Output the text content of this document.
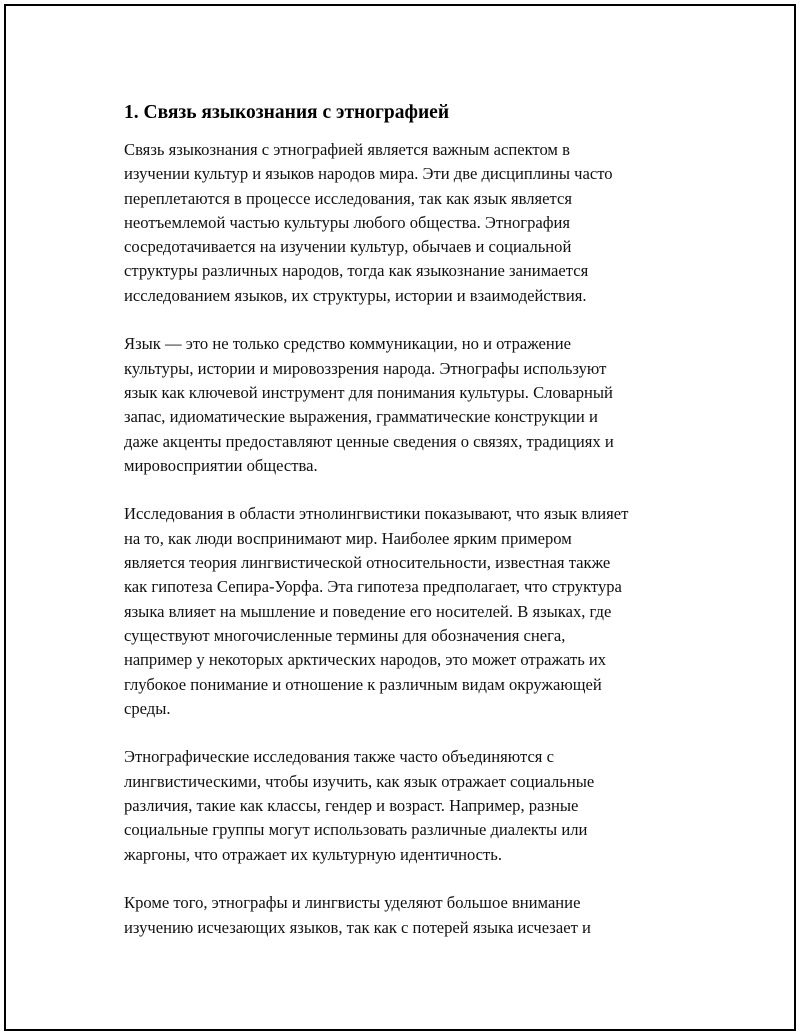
1. Связь языкознания с этнографией
Связь языкознания с этнографией является важным аспектом в
изучении культур и языков народов мира. Эти две дисциплины часто
переплетаются в процессе исследования, так как язык является
неотъемлемой частью культуры любого общества. Этнография
сосредотачивается на изучении культур, обычаев и социальной
структуры различных народов, тогда как языкознание занимается
исследованием языков, их структуры, истории и взаимодействия.
Язык — это не только средство коммуникации, но и отражение
культуры, истории и мировоззрения народа. Этнографы используют
язык как ключевой инструмент для понимания культуры. Словарный
запас, идиоматические выражения, грамматические конструкции и
даже акценты предоставляют ценные сведения о связях, традициях и
мировосприятии общества.
Исследования в области этнолингвистики показывают, что язык влияет
на то, как люди воспринимают мир. Наиболее ярким примером
является теория лингвистической относительности, известная также
как гипотеза Сепира-Уорфа. Эта гипотеза предполагает, что структура
языка влияет на мышление и поведение его носителей. В языках, где
существуют многочисленные термины для обозначения снега,
например у некоторых арктических народов, это может отражать их
глубокое понимание и отношение к различным видам окружающей
среды.
Этнографические исследования также часто объединяются с
лингвистическими, чтобы изучить, как язык отражает социальные
различия, такие как классы, гендер и возраст. Например, разные
социальные группы могут использовать различные диалекты или
жаргоны, что отражает их культурную идентичность.
Кроме того, этнографы и лингвисты уделяют большое внимание
изучению исчезающих языков, так как с потерей языка исчезает и
